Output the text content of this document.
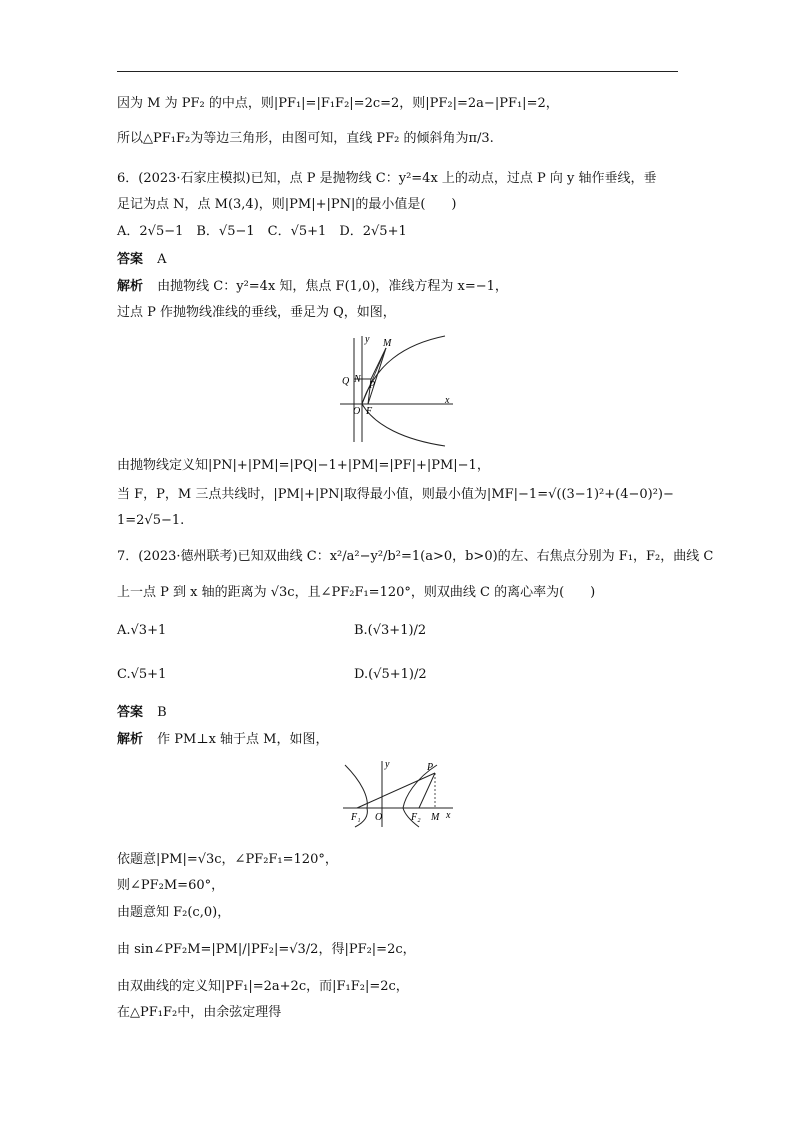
因为 M 为 PF₂ 的中点，则|PF₁|=|F₁F₂|=2c=2，则|PF₂|=2a−|PF₁|=2，
所以△PF₁F₂为等边三角形，由图可知，直线 PF₂ 的倾斜角为π/3.
6．(2023·石家庄模拟)已知，点 P 是抛物线 C：y²=4x 上的动点，过点 P 向 y 轴作垂线，垂
足记为点 N，点 M(3,4)，则|PM|+|PN|的最小值是(　　)
A．2√5−1　B．√5−1　C．√5+1　D．2√5+1
答案 A
解析 由抛物线 C：y²=4x 知，焦点 F(1,0)，准线方程为 x=−1，
过点 P 作抛物线准线的垂线，垂足为 Q，如图，
y M
Q N
P
O F
x
由抛物线定义知|PN|+|PM|=|PQ|−1+|PM|=|PF|+|PM|−1，
当 F，P，M 三点共线时，|PM|+|PN|取得最小值，则最小值为|MF|−1=√((3−1)²+(4−0)²)−
1=2√5−1.
7．(2023·德州联考)已知双曲线 C：x²/a²−y²/b²=1(a>0，b>0)的左、右焦点分别为 F₁，F₂，曲线 C
上一点 P 到 x 轴的距离为 √3c，且∠PF₂F₁=120°，则双曲线 C 的离心率为(　　)
A.√3+1	B.(√3+1)/2
C.√5+1	D.(√5+1)/2
答案 B
解析 作 PM⊥x 轴于点 M，如图，
y	P
F₁ O	F₂ M x
依题意|PM|=√3c，∠PF₂F₁=120°，
则∠PF₂M=60°，
由题意知 F₂(c,0)，
由 sin∠PF₂M=|PM|/|PF₂|=√3/2，得|PF₂|=2c，
由双曲线的定义知|PF₁|=2a+2c，而|F₁F₂|=2c，
在△PF₁F₂中，由余弦定理得
